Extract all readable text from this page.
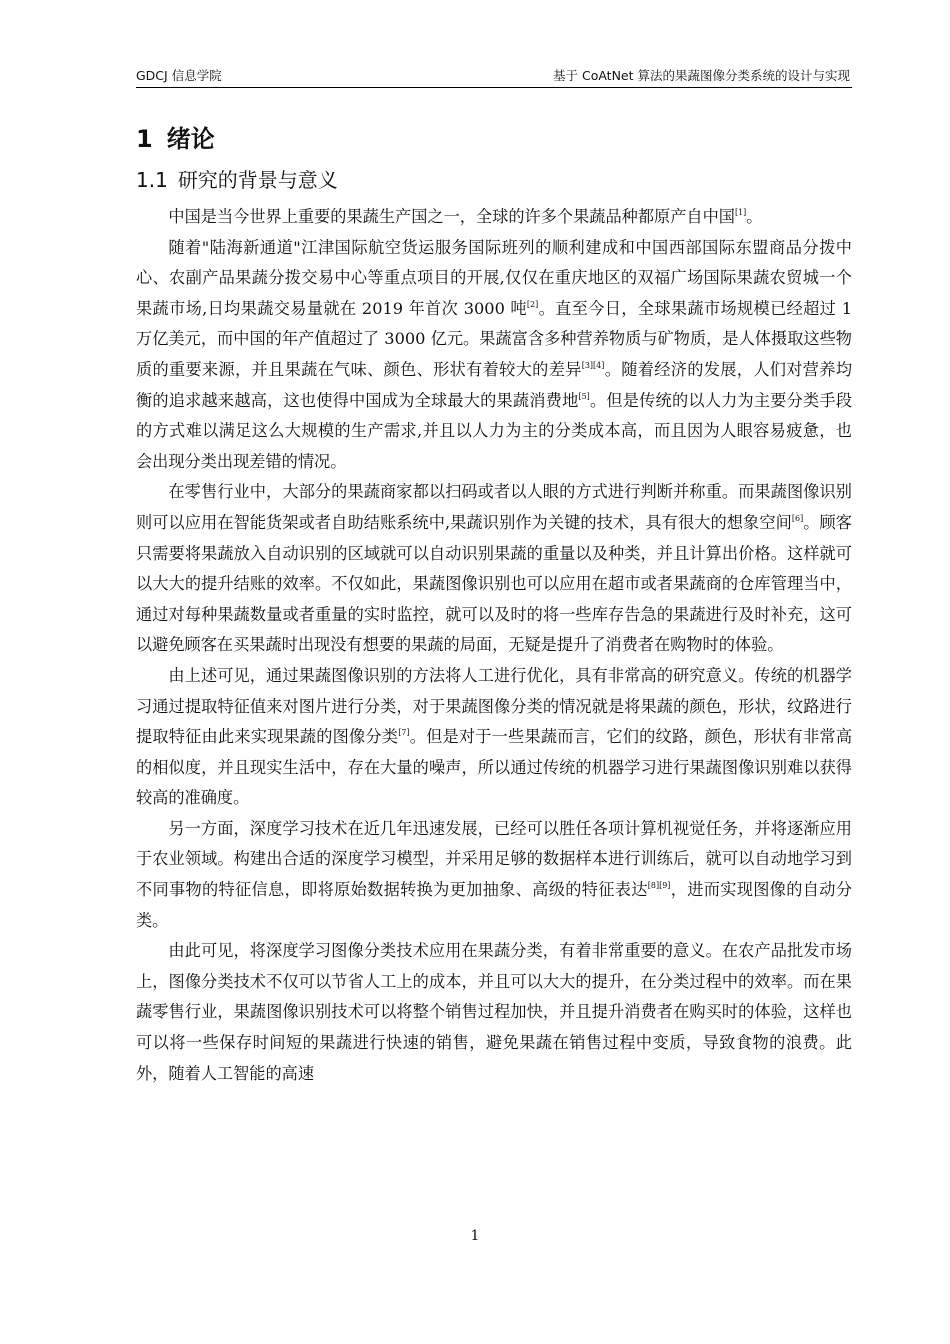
GDCJ 信息学院	基于 CoAtNet 算法的果蔬图像分类系统的设计与实现
1 绪论
1.1 研究的背景与意义

中国是当今世界上重要的果蔬生产国之一，全球的许多个果蔬品种都原产自中国[1]。

随着"陆海新通道"江津国际航空货运服务国际班列的顺利建成和中国西部国际东盟商品分拨中心、农副产品果蔬分拨交易中心等重点项目的开展,仅仅在重庆地区的双福广场国际果蔬农贸城一个果蔬市场,日均果蔬交易量就在 2019 年首次 3000 吨[2]。直至今日，全球果蔬市场规模已经超过 1 万亿美元，而中国的年产值超过了 3000 亿元。果蔬富含多种营养物质与矿物质，是人体摄取这些物质的重要来源，并且果蔬在气味、颜色、形状有着较大的差异[3][4]。随着经济的发展，人们对营养均衡的追求越来越高，这也使得中国成为全球最大的果蔬消费地[5]。但是传统的以人力为主要分类手段的方式难以满足这么大规模的生产需求,并且以人力为主的分类成本高，而且因为人眼容易疲惫，也会出现分类出现差错的情况。

在零售行业中，大部分的果蔬商家都以扫码或者以人眼的方式进行判断并称重。而果蔬图像识别则可以应用在智能货架或者自助结账系统中,果蔬识别作为关键的技术，具有很大的想象空间[6]。顾客只需要将果蔬放入自动识别的区域就可以自动识别果蔬的重量以及种类，并且计算出价格。这样就可以大大的提升结账的效率。不仅如此，果蔬图像识别也可以应用在超市或者果蔬商的仓库管理当中，通过对每种果蔬数量或者重量的实时监控，就可以及时的将一些库存告急的果蔬进行及时补充，这可以避免顾客在买果蔬时出现没有想要的果蔬的局面，无疑是提升了消费者在购物时的体验。

由上述可见，通过果蔬图像识别的方法将人工进行优化，具有非常高的研究意义。传统的机器学习通过提取特征值来对图片进行分类，对于果蔬图像分类的情况就是将果蔬的颜色，形状，纹路进行提取特征由此来实现果蔬的图像分类[7]。但是对于一些果蔬而言，它们的纹路，颜色，形状有非常高的相似度，并且现实生活中，存在大量的噪声，所以通过传统的机器学习进行果蔬图像识别难以获得较高的准确度。

另一方面，深度学习技术在近几年迅速发展，已经可以胜任各项计算机视觉任务，并将逐渐应用于农业领域。构建出合适的深度学习模型，并采用足够的数据样本进行训练后，就可以自动地学习到不同事物的特征信息，即将原始数据转换为更加抽象、高级的特征表达[8][9]，进而实现图像的自动分类。

由此可见，将深度学习图像分类技术应用在果蔬分类，有着非常重要的意义。在农产品批发市场上，图像分类技术不仅可以节省人工上的成本，并且可以大大的提升，在分类过程中的效率。而在果蔬零售行业，果蔬图像识别技术可以将整个销售过程加快，并且提升消费者在购买时的体验，这样也可以将一些保存时间短的果蔬进行快速的销售，避免果蔬在销售过程中变质，导致食物的浪费。此外，随着人工智能的高速

1
